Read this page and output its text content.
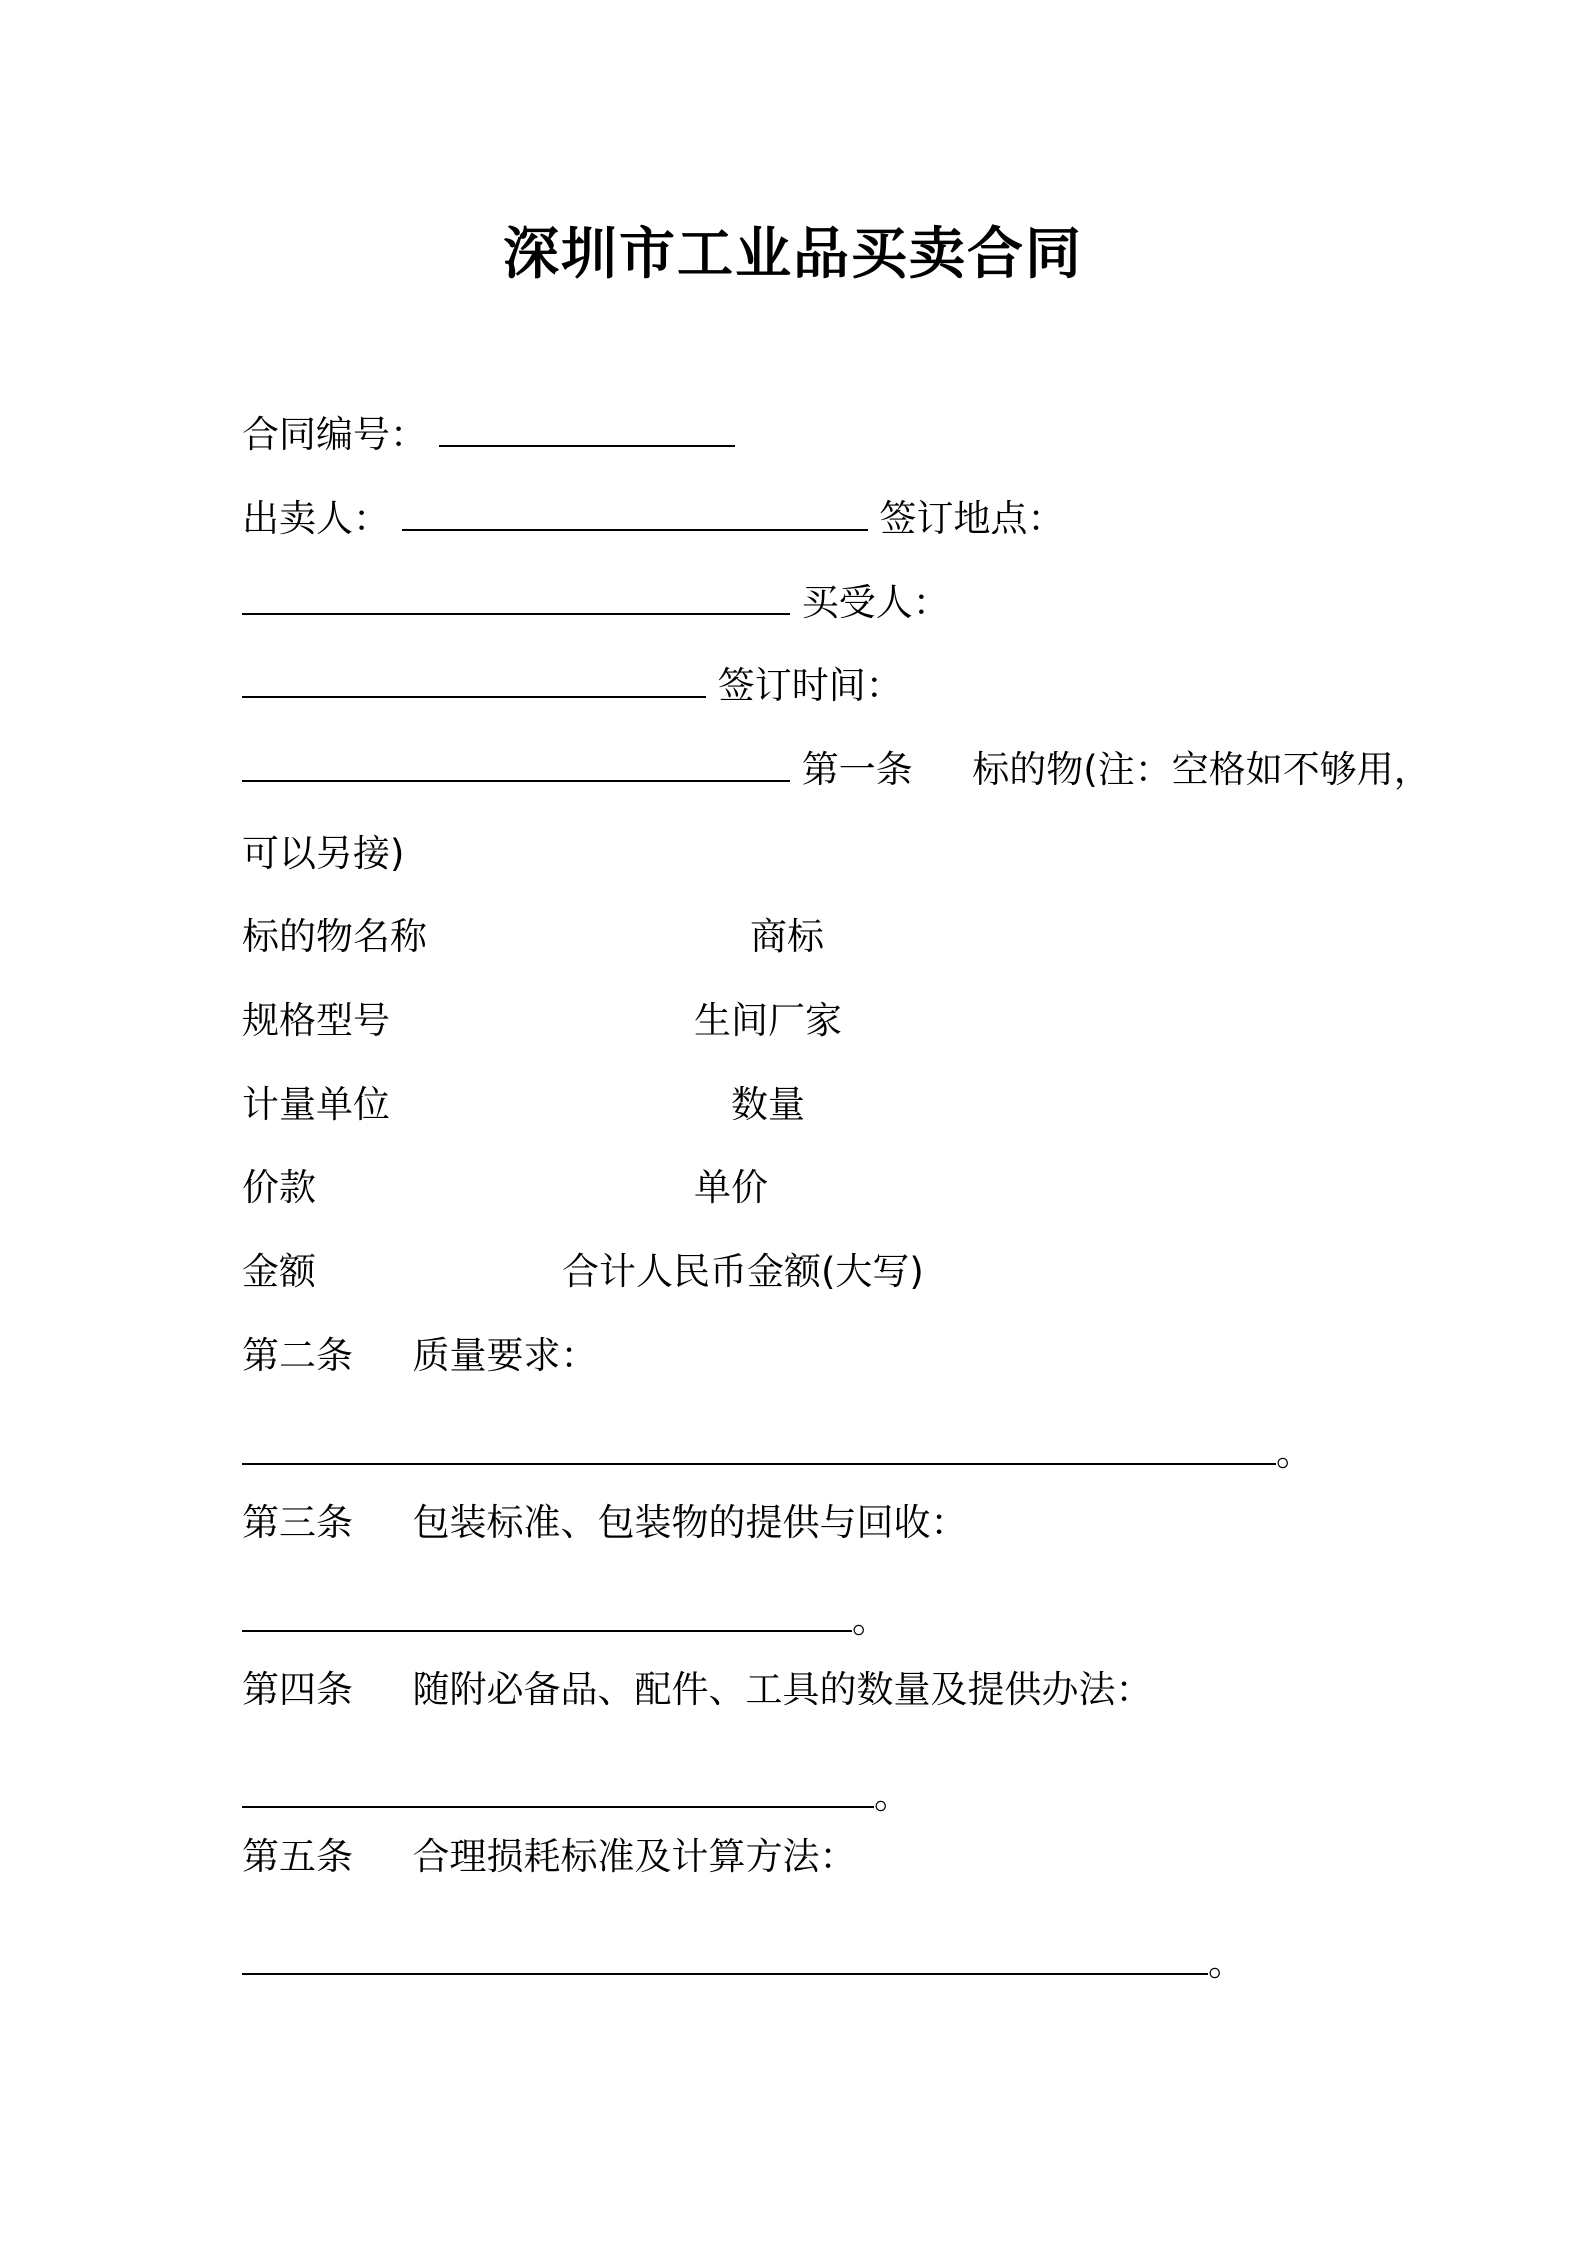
深圳市工业品买卖合同
合同编号：
出卖人：	签订地点：
买受人：
签订时间：
第一条 标的物(注：空格如不够用，
可以另接)
标的物名称	商标
规格型号	生间厂家
计量单位	数量
价款	单价
金额	合计人民币金额(大写)
第二条 质量要求：
。
第三条 包装标准、包装物的提供与回收：
。
第四条 随附必备品、配件、工具的数量及提供办法：
。
第五条 合理损耗标准及计算方法：
。
